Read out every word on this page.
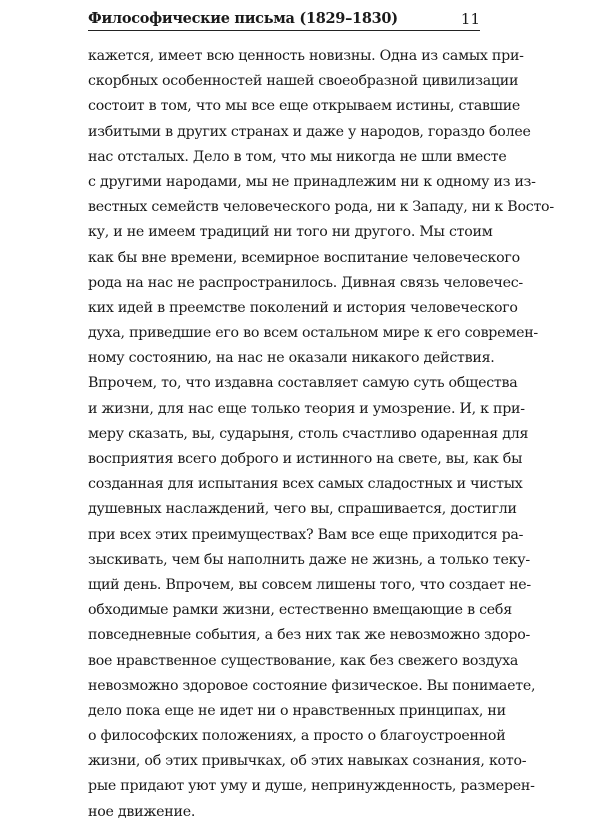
Философические письма (1829–1830)	11
кажется, имеет всю ценность новизны. Одна из самых при-
скорбных особенностей нашей своеобразной цивилизации
состоит в том, что мы все еще открываем истины, ставшие
избитыми в других странах и даже у народов, гораздо более
нас отсталых. Дело в том, что мы никогда не шли вместе
с другими народами, мы не принадлежим ни к одному из из-
вестных семейств человеческого рода, ни к Западу, ни к Восто-
ку, и не имеем традиций ни того ни другого. Мы стоим
как бы вне времени, всемирное воспитание человеческого
рода на нас не распространилось. Дивная связь человечес-
ких идей в преемстве поколений и история человеческого
духа, приведшие его во всем остальном мире к его современ-
ному состоянию, на нас не оказали никакого действия.
Впрочем, то, что издавна составляет самую суть общества
и жизни, для нас еще только теория и умозрение. И, к при-
меру сказать, вы, сударыня, столь счастливо одаренная для
восприятия всего доброго и истинного на свете, вы, как бы
созданная для испытания всех самых сладостных и чистых
душевных наслаждений, чего вы, спрашивается, достигли
при всех этих преимуществах? Вам все еще приходится ра-
зыскивать, чем бы наполнить даже не жизнь, а только теку-
щий день. Впрочем, вы совсем лишены того, что создает не-
обходимые рамки жизни, естественно вмещающие в себя
повседневные события, а без них так же невозможно здоро-
вое нравственное существование, как без свежего воздуха
невозможно здоровое состояние физическое. Вы понимаете,
дело пока еще не идет ни о нравственных принципах, ни
о философских положениях, а просто о благоустроенной
жизни, об этих привычках, об этих навыках сознания, кото-
рые придают уют уму и душе, непринужденность, размерен-
ное движение.
